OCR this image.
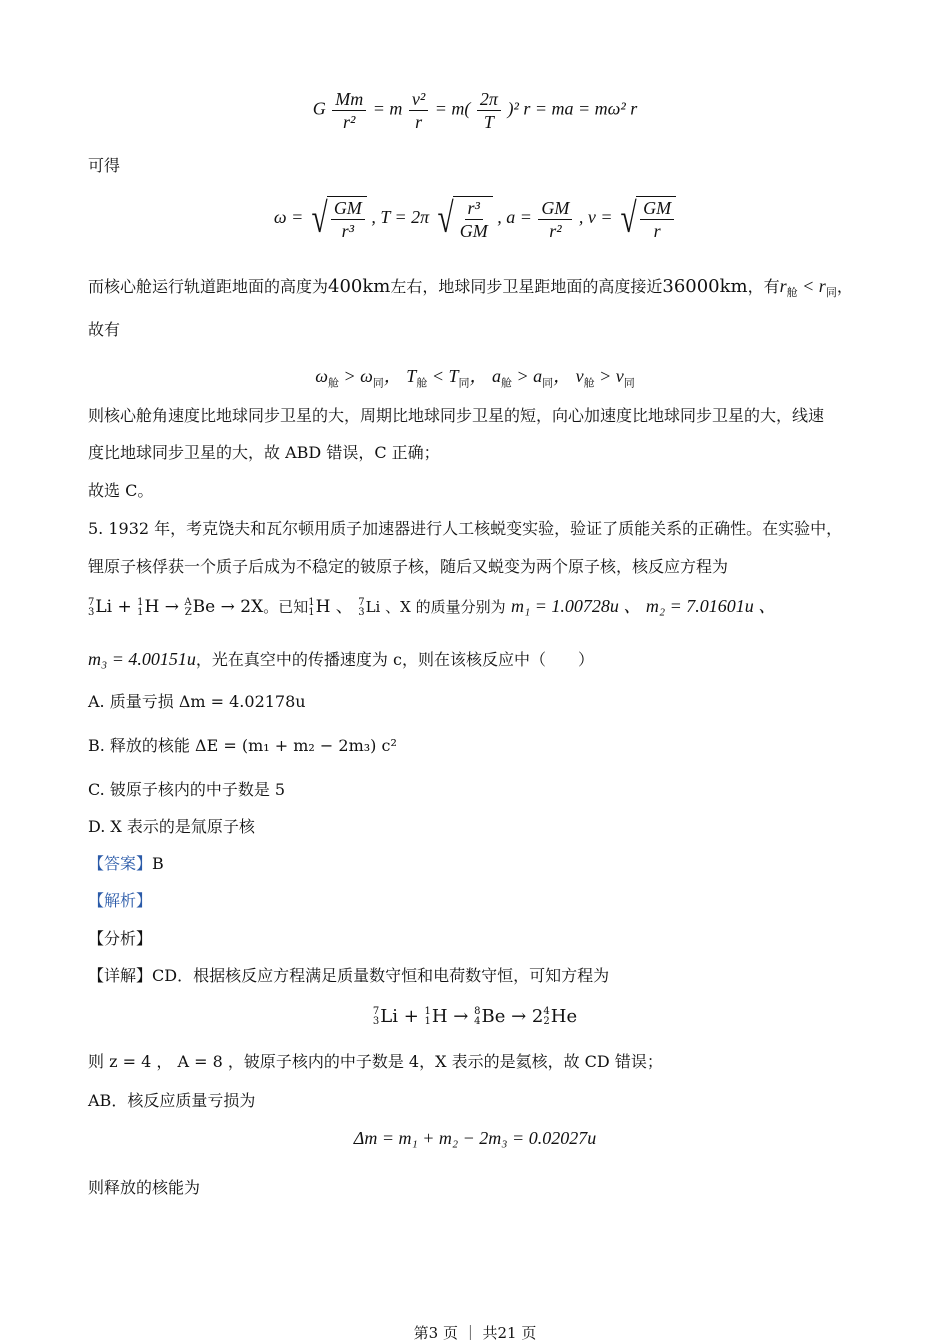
G $\frac{Mm}{\text{r²}} = m \frac{\text{v²}}{r} = m( \frac{2\pi}{T} )^2$ r = ma = mω² r
可得
ω = √ $\frac{GM}{\text{r³}}$ , T = 2π √ $\frac{\text{r³}}{GM}$ , $a = \frac{GM}{\text{r²}}$ , v = √ $\frac{GM}{r}$
而核心舱运行轨道距地面的高度为400km左右，地球同步卫星距地面的高度接近36000km，有$r_舱 < r_同$，
故有
$\omega_舱 > \omega_同$， $T_舱 < T_同$， $a_舱 > a_同$， $v_舱 > v_同$
则核心舱角速度比地球同步卫星的大，周期比地球同步卫星的短，向心加速度比地球同步卫星的大，线速
度比地球同步卫星的大，故 ABD 错误，C 正确；
故选 C。
5. 1932 年，考克饶夫和瓦尔顿用质子加速器进行人工核蜕变实验，验证了质能关系的正确性。在实验中，
锂原子核俘获一个质子后成为不稳定的铍原子核，随后又蜕变为两个原子核，核反应方程为
7
3 Li + 1
1 H → A
Z Be → 2X。已知 1
1 H 、 7
3 Li 、X 的质量分别为 m₁ = 1.00728u 、 m₂ = 7.01601u 、
m₃ = 4.00151u，光在真空中的传播速度为 c，则在该核反应中（　　）
A. 质量亏损 Δm = 4.02178u
B. 释放的核能 ΔE = (m₁ + m₂ − 2m₃) c²
C. 铍原子核内的中子数是 5
D. X 表示的是氚原子核
【答案】B
【解析】
【分析】
【详解】CD．根据核反应方程满足质量数守恒和电荷数守恒，可知方程为
7
3 Li + 1
1 H → 8
4 Be → 2 4
2 He
则 z = 4 ， A = 8 ，铍原子核内的中子数是 4，X 表示的是氦核，故 CD 错误；
AB．核反应质量亏损为
Δm = m₁ + m₂ − 2m₃ = 0.02027u
则释放的核能为
第3 页 ｜ 共21 页
